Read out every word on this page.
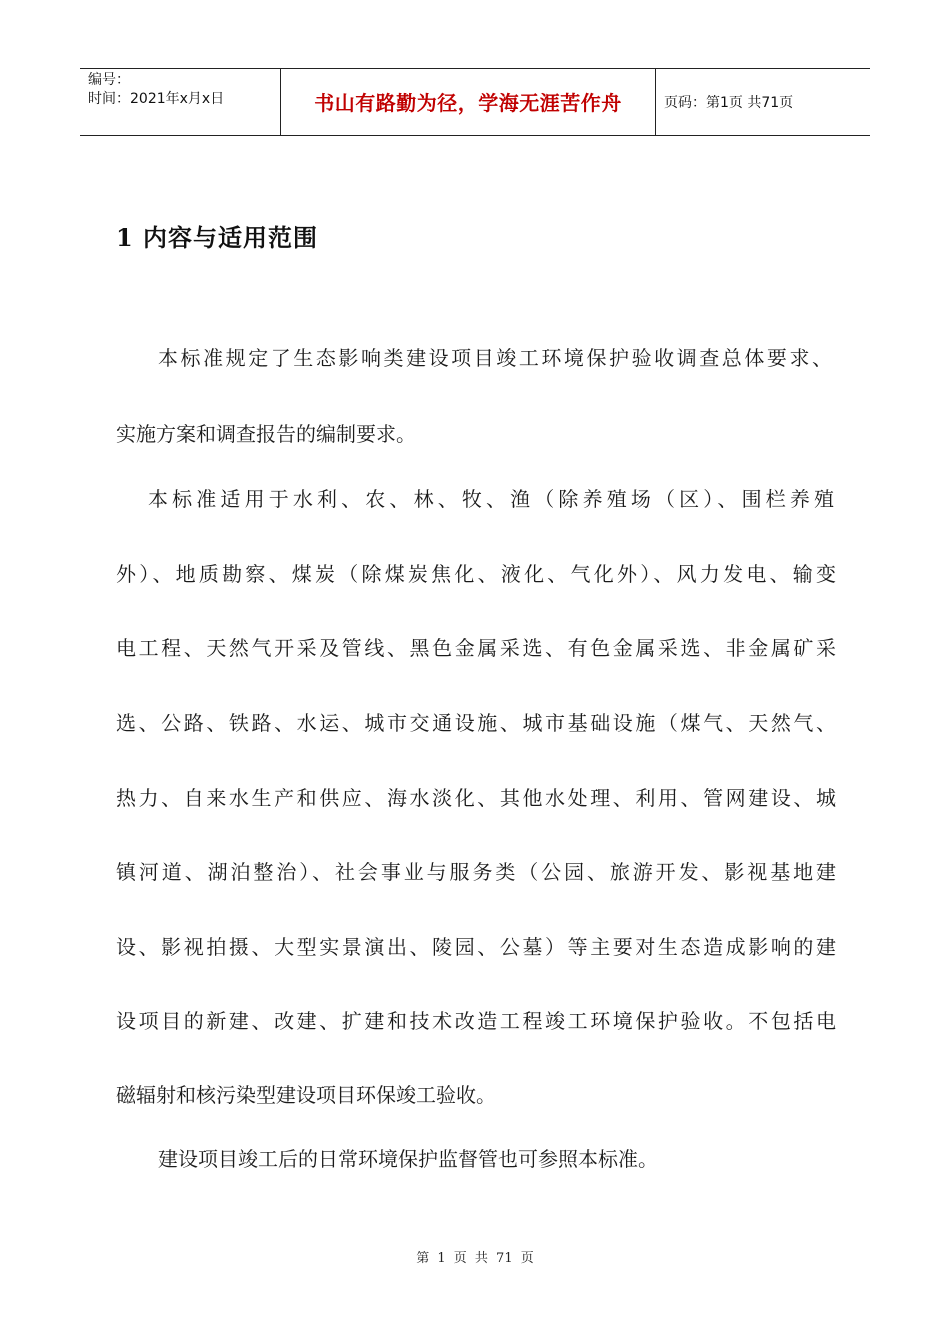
编号：
时间：2021年x月x日	书山有路勤为径，学海无涯苦作舟	页码：第1页 共71页
1 内容与适用范围
本标准规定了生态影响类建设项目竣工环境保护验收调查总体要求、
实施方案和调查报告的编制要求。
本标准适用于水利、农、林、牧、渔（除养殖场（区）、围栏养殖
外）、地质勘察、煤炭（除煤炭焦化、液化、气化外）、风力发电、输变
电工程、天然气开采及管线、黑色金属采选、有色金属采选、非金属矿采
选、公路、铁路、水运、城市交通设施、城市基础设施（煤气、天然气、
热力、自来水生产和供应、海水淡化、其他水处理、利用、管网建设、城
镇河道、湖泊整治）、社会事业与服务类（公园、旅游开发、影视基地建
设、影视拍摄、大型实景演出、陵园、公墓）等主要对生态造成影响的建
设项目的新建、改建、扩建和技术改造工程竣工环境保护验收。不包括电
磁辐射和核污染型建设项目环保竣工验收。
建设项目竣工后的日常环境保护监督管也可参照本标准。
第 1 页 共 71 页
